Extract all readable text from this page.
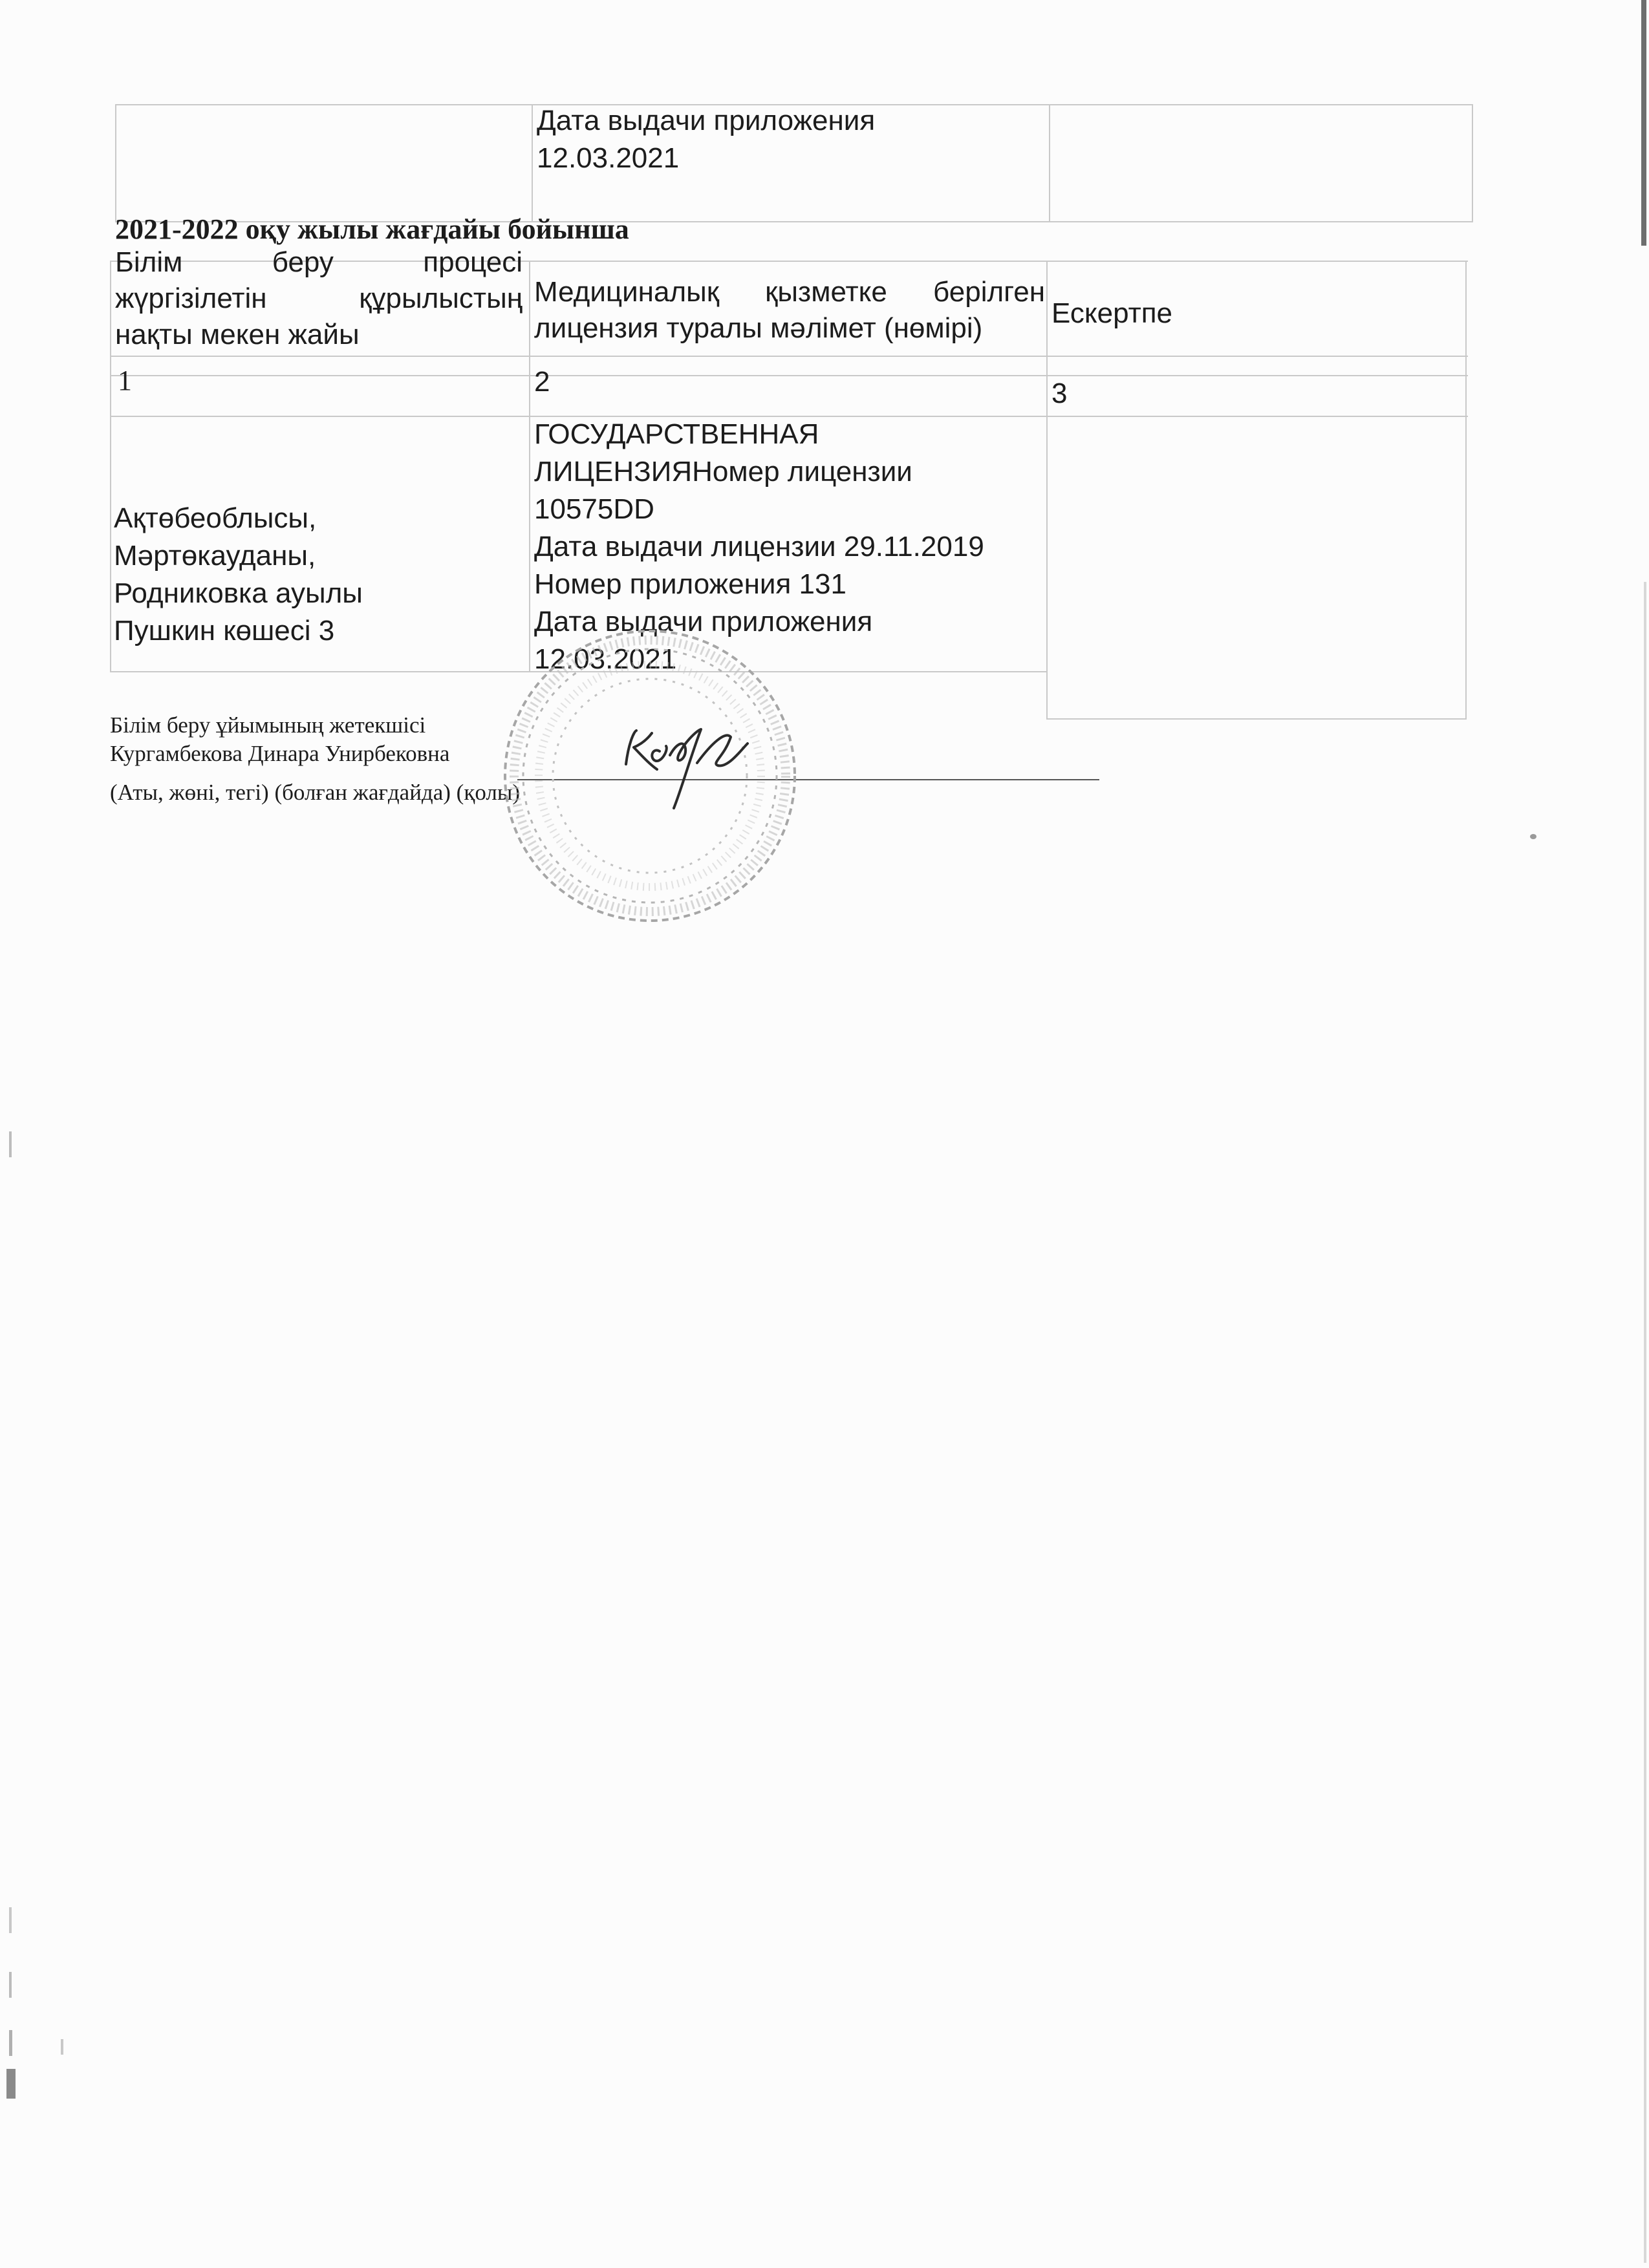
Дата выдачи приложения
12.03.2021
2021-2022 оқу жылы жағдайы бойынша
Білім беру процесі
жүргізілетін құрылыстың
нақты мекен жайы
Медициналық қызметке берілген
лицензия туралы мәлімет (нөмірі) Ескертпе
1	2	3
Ақтөбеоблысы,
Мәртөкауданы,
Родниковка ауылы
Пушкин көшесі 3
ГОСУДАРСТВЕННАЯ
ЛИЦЕНЗИЯНомер лицензии
10575DD
Дата выдачи лицензии 29.11.2019
Номер приложения 131
Дата выдачи приложения
12.03.2021
Білім беру ұйымының жетекшісі
Кургамбекова Динара Унирбековна
(Аты, жөні, тегі) (болған жағдайда) (қолы)
